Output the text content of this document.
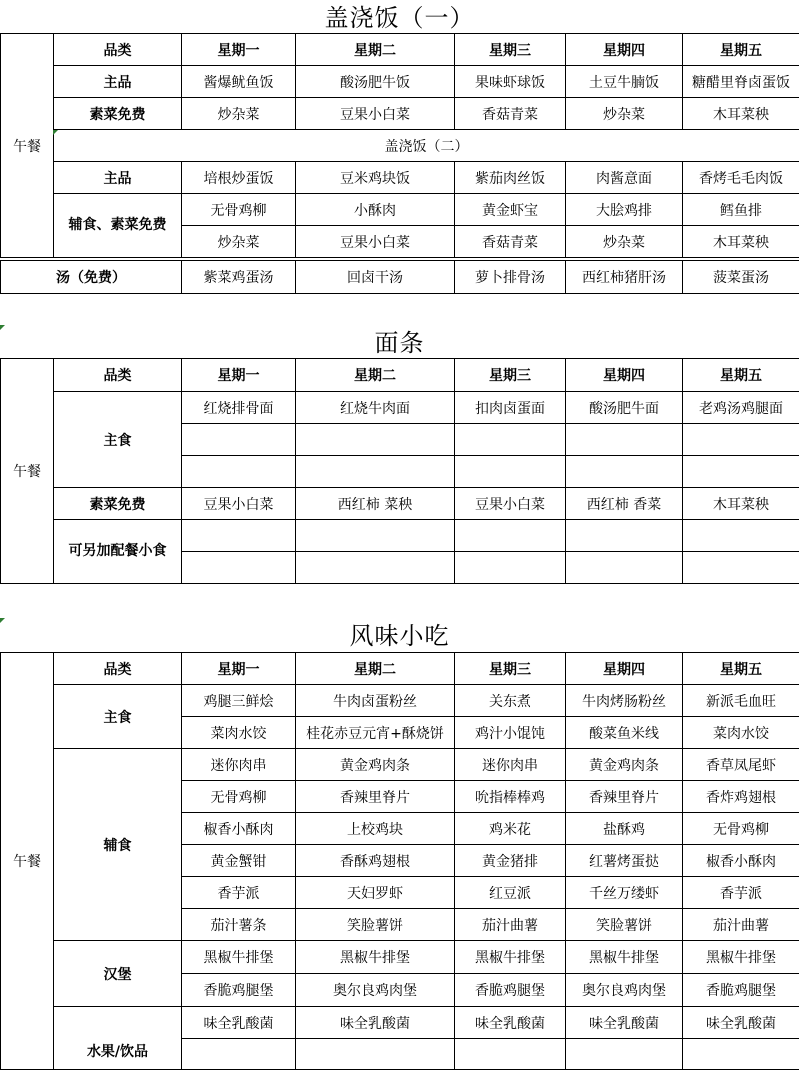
盖浇饭（一）
午餐	品类	星期一	星期二	星期三	星期四	星期五
	主品	酱爆鱿鱼饭	酸汤肥牛饭	果味虾球饭	土豆牛腩饭	糖醋里脊卤蛋饭
	素菜免费	炒杂菜	豆果小白菜	香菇青菜	炒杂菜	木耳菜秧
	盖浇饭（二）					
	主品	培根炒蛋饭	豆米鸡块饭	紫茄肉丝饭	肉酱意面	香烤毛毛肉饭
	辅食、素菜免费	无骨鸡柳	小酥肉	黄金虾宝	大脍鸡排	鳕鱼排
		炒杂菜	豆果小白菜	香菇青菜	炒杂菜	木耳菜秧
汤（免费）	紫菜鸡蛋汤	回卤干汤	萝卜排骨汤	西红柿猪肝汤	菠菜蛋汤
面条
午餐	品类	星期一	星期二	星期三	星期四	星期五
	主食	红烧排骨面	红烧牛肉面	扣肉卤蛋面	酸汤肥牛面	老鸡汤鸡腿面

	素菜免费	豆果小白菜	西红柿 菜秧	豆果小白菜	西红柿 香菜	木耳菜秧
	可另加配餐小食					

风味小吃
午餐	品类	星期一	星期二	星期三	星期四	星期五
	主食	鸡腿三鲜烩	牛肉卤蛋粉丝	关东煮	牛肉烤肠粉丝	新派毛血旺
		菜肉水饺	桂花赤豆元宵+酥烧饼	鸡汁小馄饨	酸菜鱼米线	菜肉水饺
	辅食	迷你肉串	黄金鸡肉条	迷你肉串	黄金鸡肉条	香草凤尾虾
		无骨鸡柳	香辣里脊片	吮指棒棒鸡	香辣里脊片	香炸鸡翅根
		椒香小酥肉	上校鸡块	鸡米花	盐酥鸡	无骨鸡柳
		黄金蟹钳	香酥鸡翅根	黄金猪排	红薯烤蛋挞	椒香小酥肉
		香芋派	天妇罗虾	红豆派	千丝万缕虾	香芋派
		茄汁薯条	笑脸薯饼	茄汁曲薯	笑脸薯饼	茄汁曲薯
	汉堡	黑椒牛排堡	黑椒牛排堡	黑椒牛排堡	黑椒牛排堡	黑椒牛排堡
		香脆鸡腿堡	奥尔良鸡肉堡	香脆鸡腿堡	奥尔良鸡肉堡	香脆鸡腿堡
	水果/饮品	味全乳酸菌	味全乳酸菌	味全乳酸菌	味全乳酸菌	味全乳酸菌
